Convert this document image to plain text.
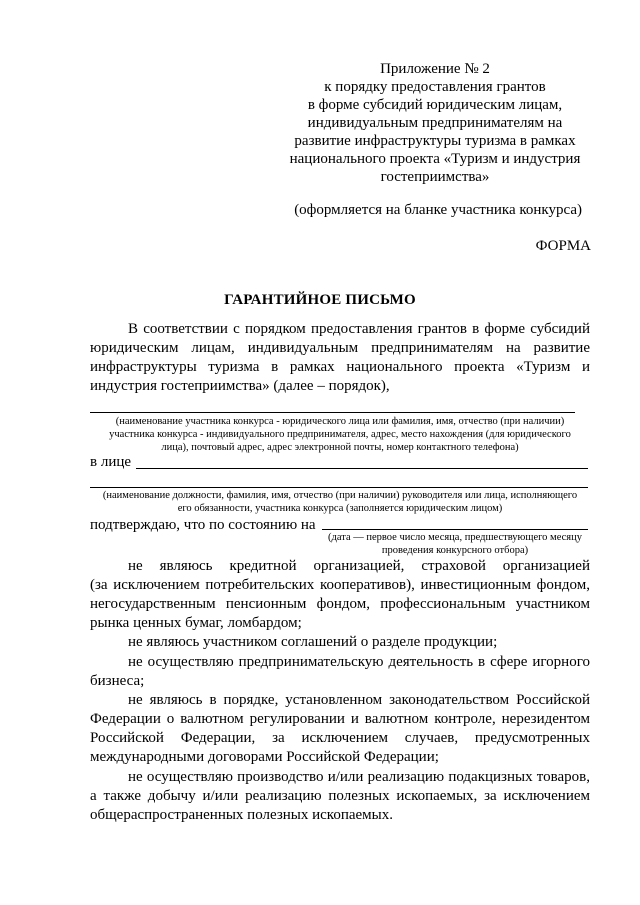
Приложение № 2
к порядку предоставления грантов
в форме субсидий юридическим лицам,
индивидуальным предпринимателям на
развитие инфраструктуры туризма в рамках
национального проекта «Туризм и индустрия
гостеприимства»
(оформляется на бланке участника конкурса)
ФОРМА
ГАРАНТИЙНОЕ ПИСЬМО
В соответствии с порядком предоставления грантов в форме субсидий
юридическим лицам, индивидуальным предпринимателям на развитие
инфраструктуры туризма в рамках национального проекта «Туризм и
индустрия гостеприимства» (далее – порядок),
(наименование участника конкурса - юридического лица или фамилия, имя, отчество (при наличии)
участника конкурса - индивидуального предпринимателя, адрес, место нахождения (для юридического
лица), почтовый адрес, адрес электронной почты, номер контактного телефона)
в лице
(наименование должности, фамилия, имя, отчество (при наличии) руководителя или лица, исполняющего
его обязанности, участника конкурса (заполняется юридическим лицом)
подтверждаю, что по состоянию на
(дата — первое число месяца, предшествующего месяцу
проведения конкурсного отбора)
не являюсь кредитной организацией, страховой организацией
(за исключением потребительских кооперативов), инвестиционным фондом,
негосударственным пенсионным фондом, профессиональным участником
рынка ценных бумаг, ломбардом;
не являюсь участником соглашений о разделе продукции;
не осуществляю предпринимательскую деятельность в сфере игорного
бизнеса;
не являюсь в порядке, установленном законодательством Российской
Федерации о валютном регулировании и валютном контроле, нерезидентом
Российской Федерации, за исключением случаев, предусмотренных
международными договорами Российской Федерации;
не осуществляю производство и/или реализацию подакцизных товаров,
а также добычу и/или реализацию полезных ископаемых, за исключением
общераспространенных полезных ископаемых.
